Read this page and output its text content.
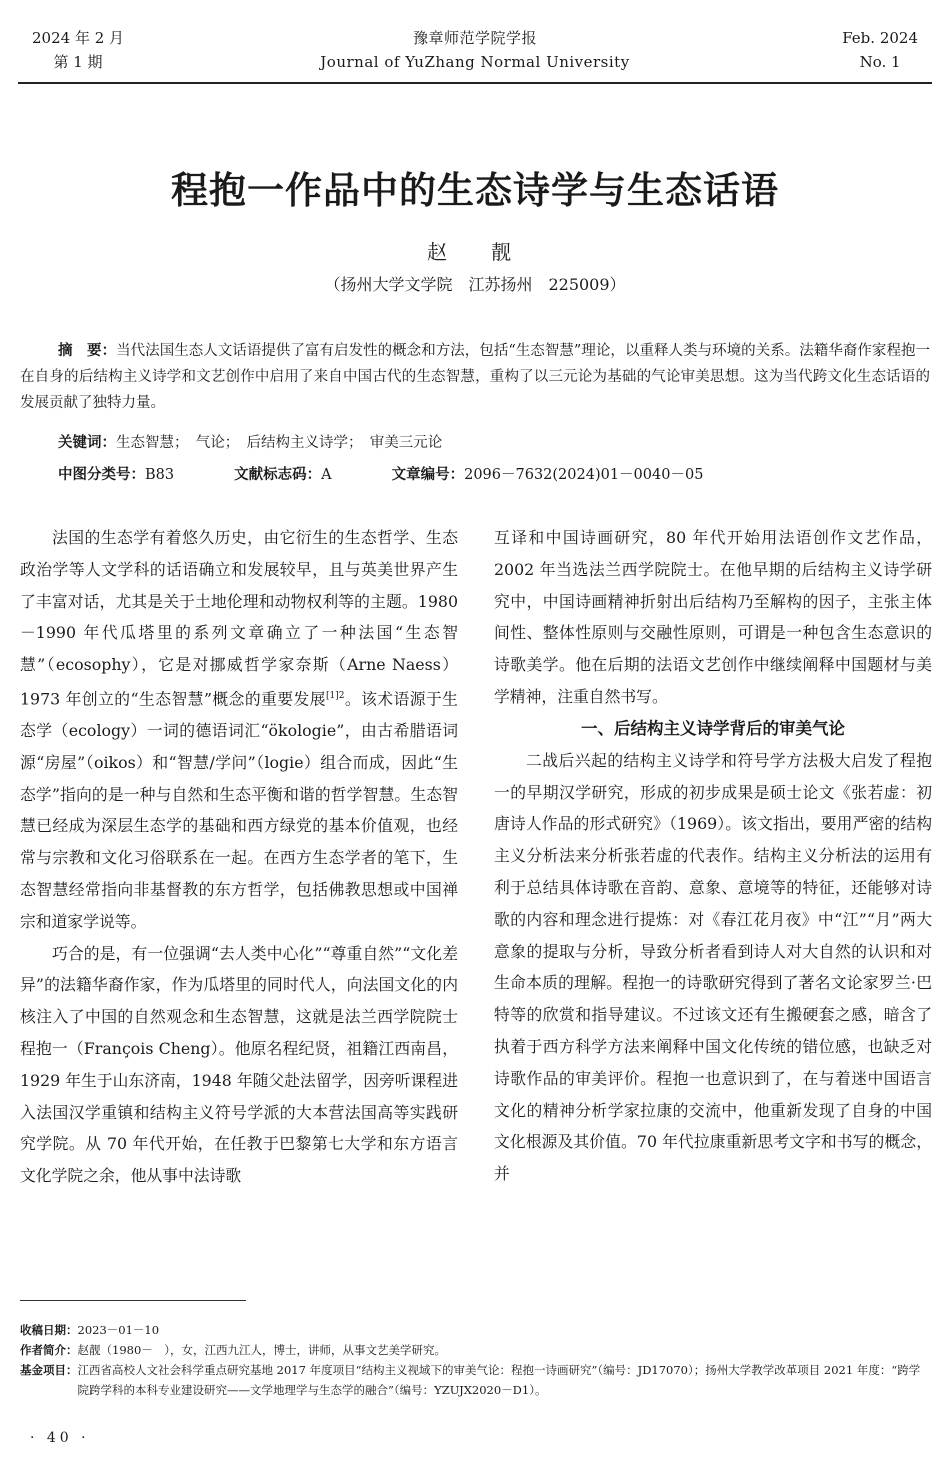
2024 年 2 月
第 1 期
豫章师范学院学报
Journal of YuZhang Normal University
Feb. 2024
No. 1
程抱一作品中的生态诗学与生态话语
赵　靓
（扬州大学文学院　江苏扬州　225009）
摘　要：当代法国生态人文话语提供了富有启发性的概念和方法，包括“生态智慧”理论，以重释人类与环境的关系。法籍华裔作家程抱一在自身的后结构主义诗学和文艺创作中启用了来自中国古代的生态智慧，重构了以三元论为基础的气论审美思想。这为当代跨文化生态话语的发展贡献了独特力量。
关键词：生态智慧；　气论；　后结构主义诗学；　审美三元论
中图分类号：B83	文献标志码：A	文章编号：2096－7632(2024)01－0040－05

法国的生态学有着悠久历史，由它衍生的生态哲学、生态政治学等人文学科的话语确立和发展较早，且与英美世界产生了丰富对话，尤其是关于土地伦理和动物权利等的主题。1980－1990 年代瓜塔里的系列文章确立了一种法国“生态智慧”（ecosophy），它是对挪威哲学家奈斯（Arne Naess）1973 年创立的“生态智慧”概念的重要发展$^{[1]2}$。该术语源于生态学（ecology）一词的德语词汇“ökologie”，由古希腊语词源“房屋”（oikos）和“智慧/学问”（logie）组合而成，因此“生态学”指向的是一种与自然和生态平衡和谐的哲学智慧。生态智慧已经成为深层生态学的基础和西方绿党的基本价值观，也经常与宗教和文化习俗联系在一起。在西方生态学者的笔下，生态智慧经常指向非基督教的东方哲学，包括佛教思想或中国禅宗和道家学说等。

巧合的是，有一位强调“去人类中心化”“尊重自然”“文化差异”的法籍华裔作家，作为瓜塔里的同时代人，向法国文化的内核注入了中国的自然观念和生态智慧，这就是法兰西学院院士程抱一（François Cheng）。他原名程纪贤，祖籍江西南昌，1929 年生于山东济南，1948 年随父赴法留学，因旁听课程进入法国汉学重镇和结构主义符号学派的大本营法国高等实践研究学院。从 70 年代开始，在任教于巴黎第七大学和东方语言文化学院之余，他从事中法诗歌

互译和中国诗画研究，80 年代开始用法语创作文艺作品，2002 年当选法兰西学院院士。在他早期的后结构主义诗学研究中，中国诗画精神折射出后结构乃至解构的因子，主张主体间性、整体性原则与交融性原则，可谓是一种包含生态意识的诗歌美学。他在后期的法语文艺创作中继续阐释中国题材与美学精神，注重自然书写。

一、后结构主义诗学背后的审美气论

二战后兴起的结构主义诗学和符号学方法极大启发了程抱一的早期汉学研究，形成的初步成果是硕士论文《张若虚：初唐诗人作品的形式研究》（1969）。该文指出，要用严密的结构主义分析法来分析张若虚的代表作。结构主义分析法的运用有利于总结具体诗歌在音韵、意象、意境等的特征，还能够对诗歌的内容和理念进行提炼：对《春江花月夜》中“江”“月”两大意象的提取与分析，导致分析者看到诗人对大自然的认识和对生命本质的理解。程抱一的诗歌研究得到了著名文论家罗兰·巴特等的欣赏和指导建议。不过该文还有生搬硬套之感，暗含了执着于西方科学方法来阐释中国文化传统的错位感，也缺乏对诗歌作品的审美评价。程抱一也意识到了，在与着迷中国语言文化的精神分析学家拉康的交流中，他重新发现了自身的中国文化根源及其价值。70 年代拉康重新思考文字和书写的概念，并

收稿日期： 2023－01－10
作者简介： 赵靓（1980－　），女，江西九江人，博士，讲师，从事文艺美学研究。
基金项目： 江西省高校人文社会科学重点研究基地 2017 年度项目“结构主义视域下的审美气论：程抱一诗画研究”（编号：JD17070）；扬州大学教学改革项目 2021 年度：“跨学院跨学科的本科专业建设研究——文学地理学与生态学的融合”（编号：YZUJX2020－D1）。
· 40 ·
